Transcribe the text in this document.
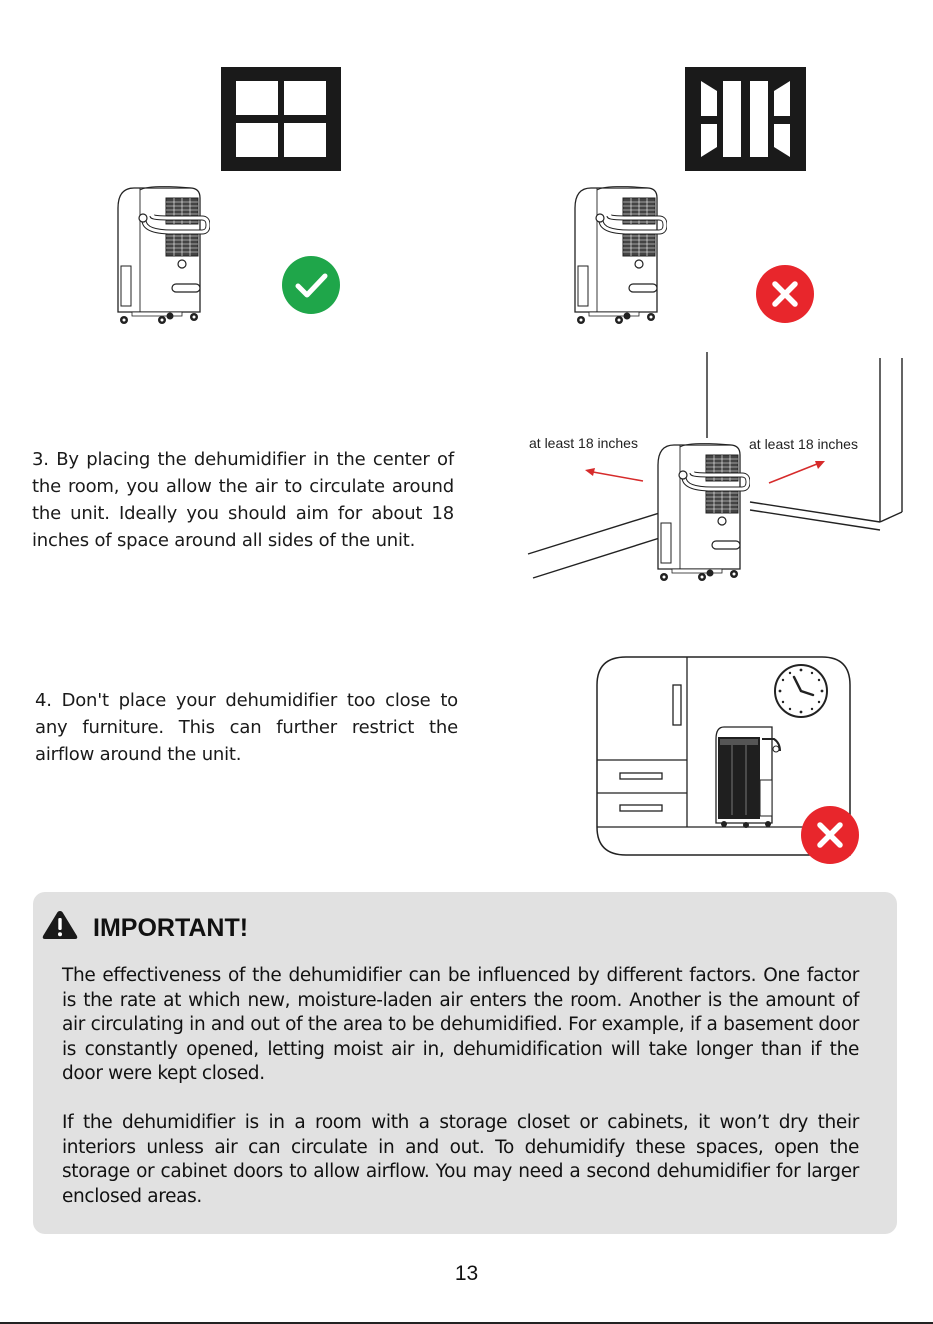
3. By placing the dehumidifier in the center of the room, you allow the air to circulate around the unit. Ideally you should aim for about 18 inches of space around all sides of the unit.

at least 18 inches	at least 18 inches

4. Don't place your dehumidifier too close to any furniture. This can further restrict the airflow around the unit.

IMPORTANT!

The effectiveness of the dehumidifier can be influenced by different factors. One factor is the rate at which new, moisture-laden air enters the room. Another is the amount of air circulating in and out of the area to be dehumidified. For example, if a basement door is constantly opened, letting moist air in, dehumidification will take longer than if the door were kept closed.

If the dehumidifier is in a room with a storage closet or cabinets, it won’t dry their interiors unless air can circulate in and out. To dehumidify these spaces, open the storage or cabinet doors to allow airflow. You may need a second dehumidifier for larger enclosed areas.

13
